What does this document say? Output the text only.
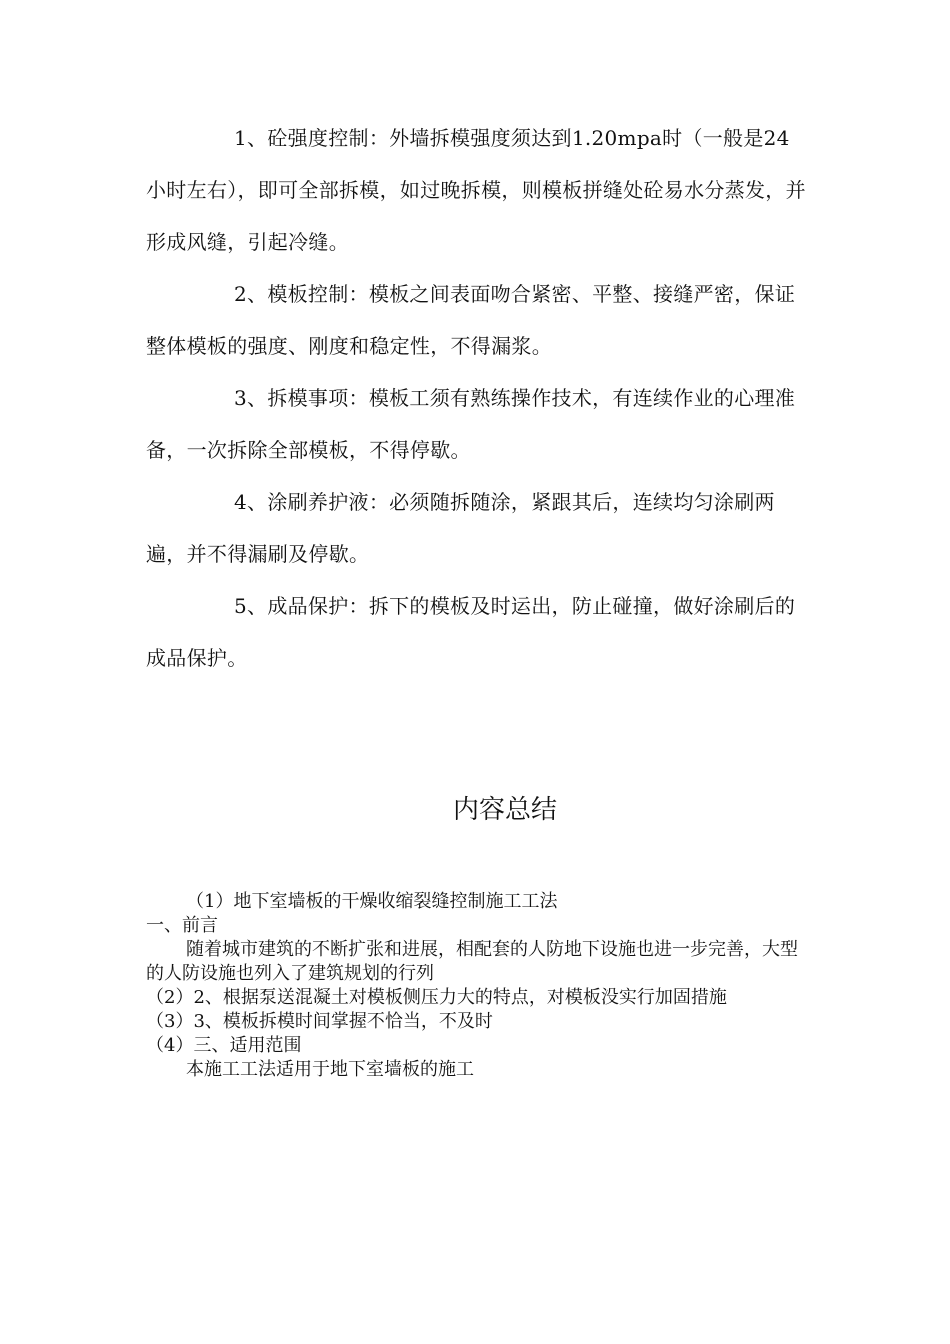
1、砼强度控制：外墙拆模强度须达到1.20mpa时（一般是24小时左右），即可全部拆模，如过晚拆模，则模板拼缝处砼易水分蒸发，并形成风缝，引起冷缝。

2、模板控制：模板之间表面吻合紧密、平整、接缝严密，保证整体模板的强度、刚度和稳定性，不得漏浆。

3、拆模事项：模板工须有熟练操作技术，有连续作业的心理准备，一次拆除全部模板，不得停歇。

4、涂刷养护液：必须随拆随涂，紧跟其后，连续均匀涂刷两遍，并不得漏刷及停歇。

5、成品保护：拆下的模板及时运出，防止碰撞，做好涂刷后的成品保护。

内容总结

（1）地下室墙板的干燥收缩裂缝控制施工工法

一、前言

随着城市建筑的不断扩张和进展，相配套的人防地下设施也进一步完善，大型的人防设施也列入了建筑规划的行列

（2）2、根据泵送混凝土对模板侧压力大的特点，对模板没实行加固措施

（3）3、模板拆模时间掌握不恰当，不及时

（4）三、适用范围

本施工工法适用于地下室墙板的施工
